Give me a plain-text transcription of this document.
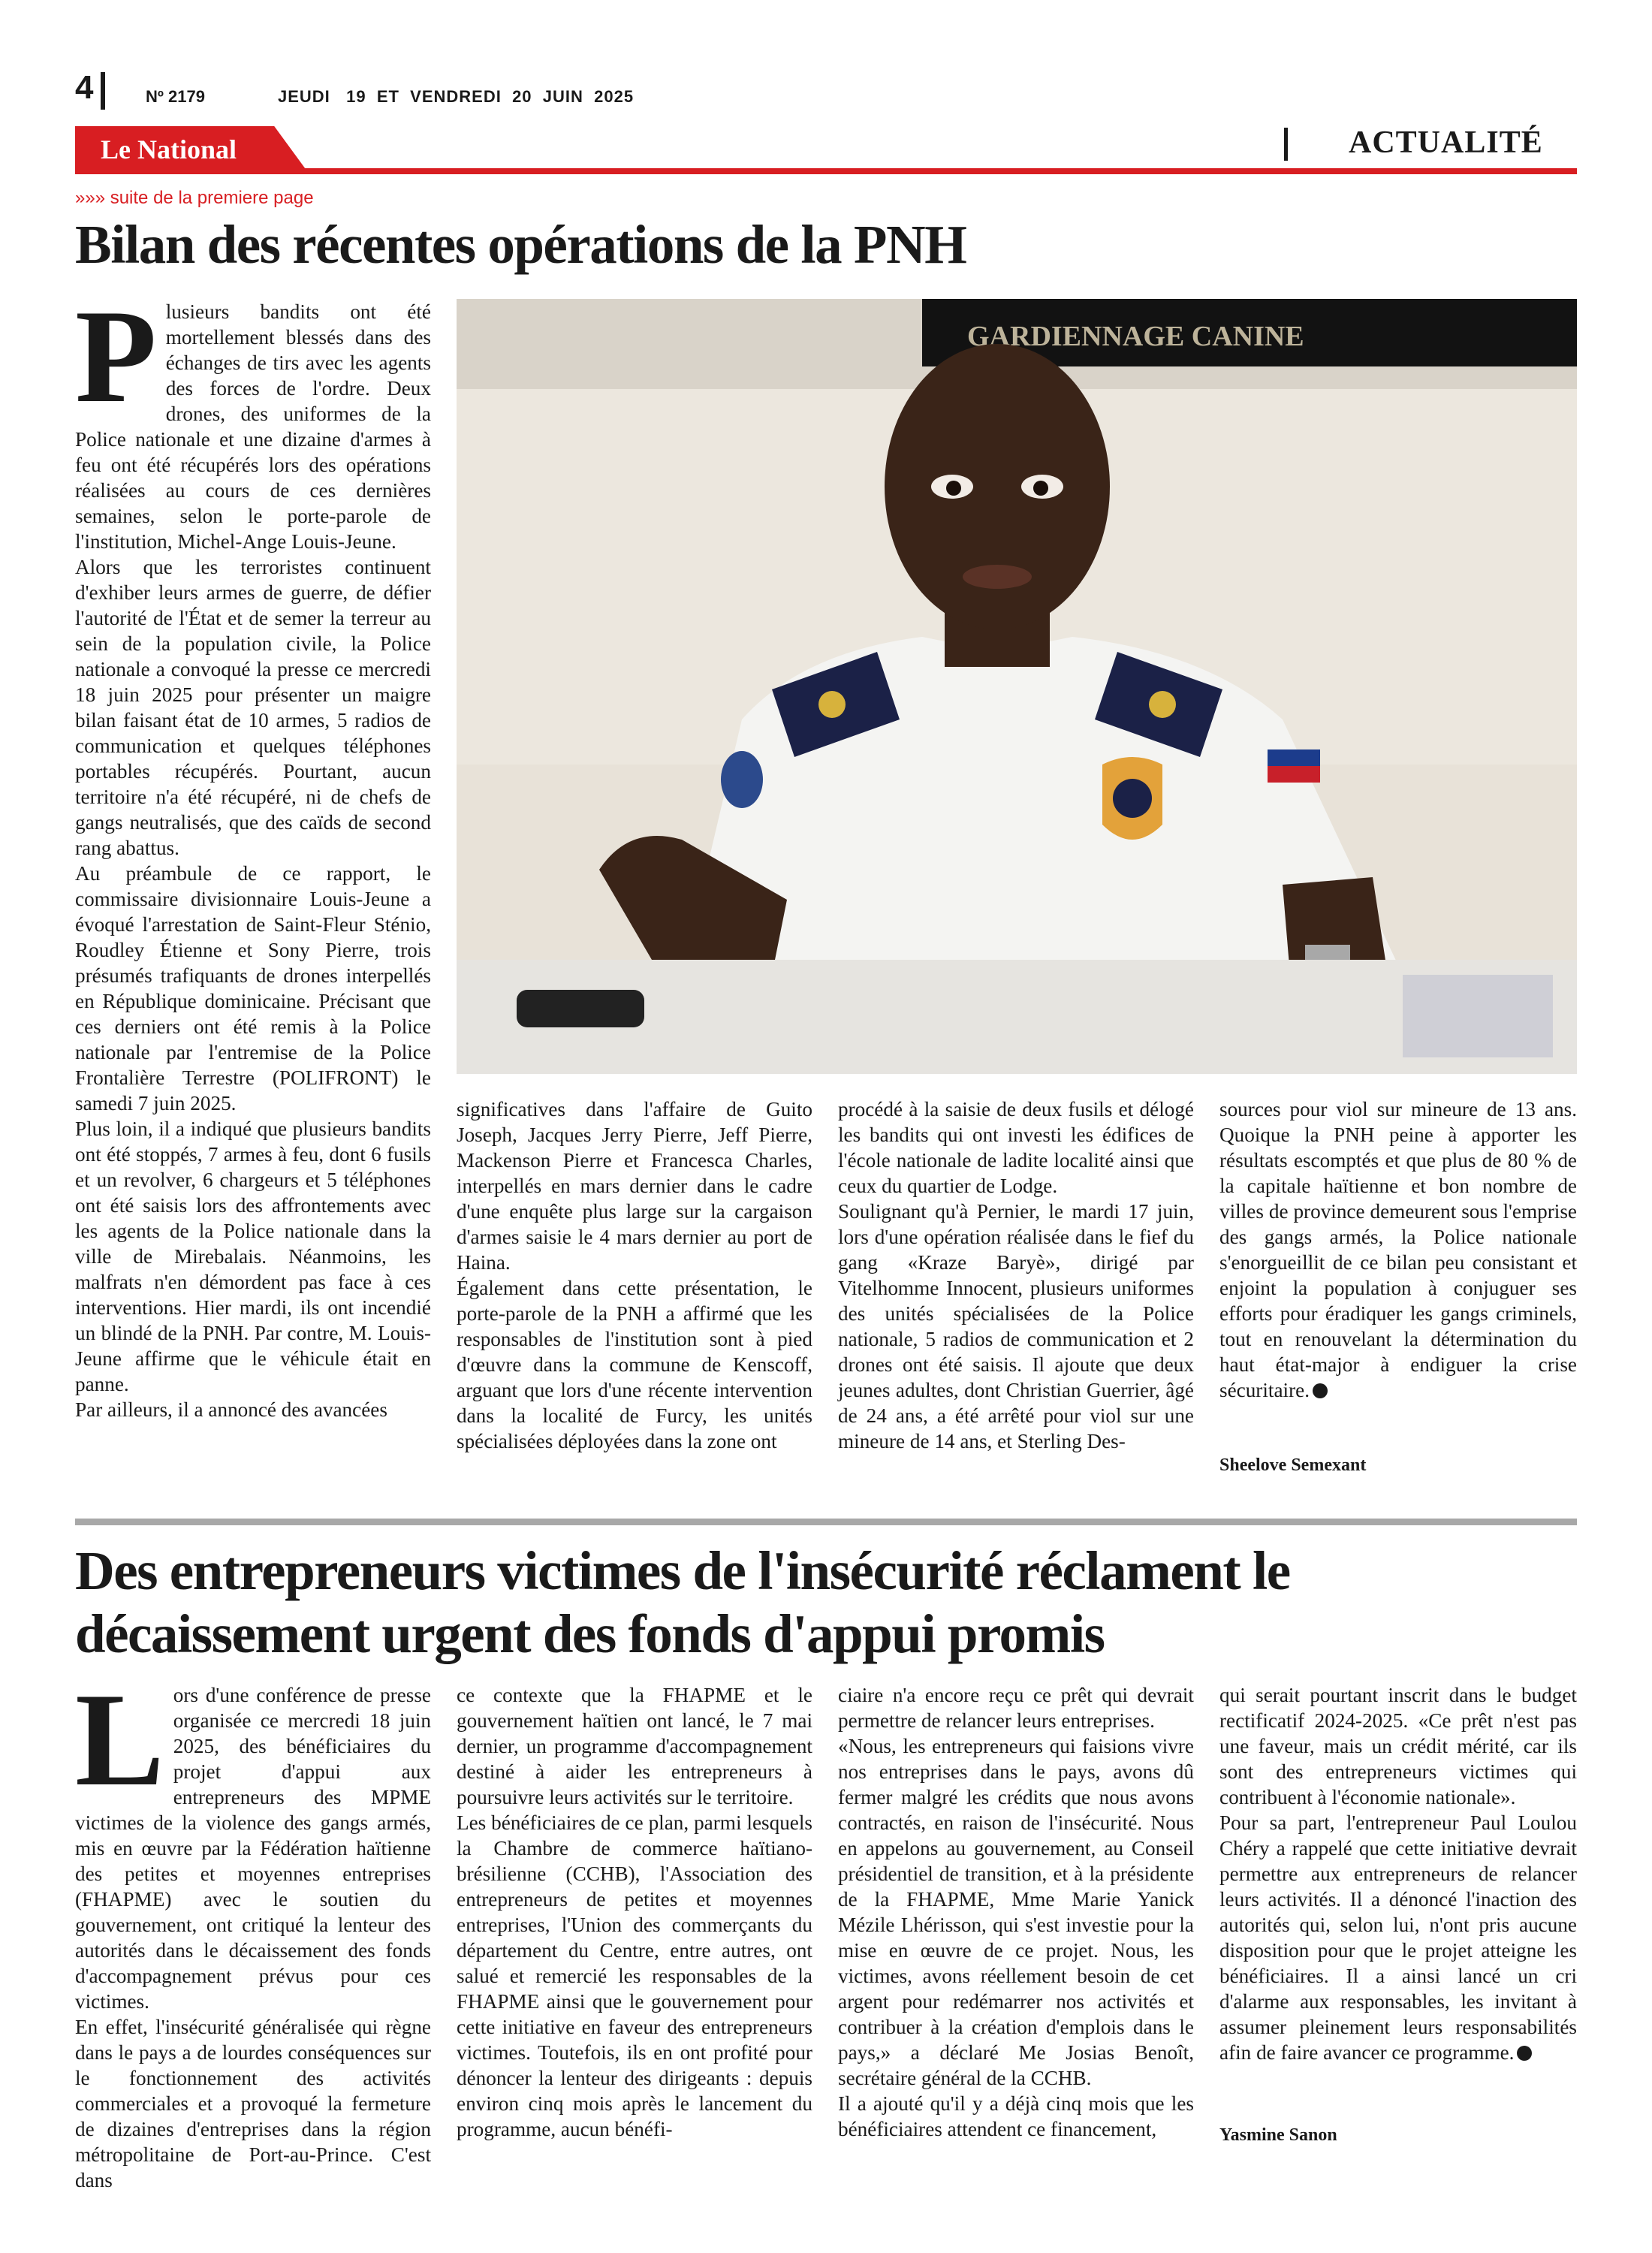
4	Nº 2179	JEUDI   19  ET  VENDREDI  20  JUIN  2025
Le National	ACTUALITÉ
»»» suite de la premiere page
Bilan des récentes opérations de la PNH
P lusieurs bandits ont été mortellement blessés dans des échanges de tirs avec les agents des forces de l'ordre. Deux drones, des uniformes de la Police nationale et une dizaine d'armes à feu ont été récupérés lors des opérations réalisées au cours de ces dernières semaines, selon le porte-parole de l'institution, Michel-Ange Louis-Jeune.

Alors que les terroristes continuent d'exhiber leurs armes de guerre, de défier l'autorité de l'État et de semer la terreur au sein de la population civile, la Police nationale a convoqué la presse ce mercredi 18 juin 2025 pour présenter un maigre bilan faisant état de 10 armes, 5 radios de communication et quelques téléphones portables récupérés. Pourtant, aucun territoire n'a été récupéré, ni de chefs de gangs neutralisés, que des caïds de second rang abattus.

Au préambule de ce rapport, le commissaire divisionnaire Louis-Jeune a évoqué l'arrestation de Saint-Fleur Sténio, Roudley Étienne et Sony Pierre, trois présumés trafiquants de drones interpellés en République dominicaine. Précisant que ces derniers ont été remis à la Police nationale par l'entremise de la Police Frontalière Terrestre (POLIFRONT) le samedi 7 juin 2025.

Plus loin, il a indiqué que plusieurs bandits ont été stoppés, 7 armes à feu, dont 6 fusils et un revolver, 6 chargeurs et 5 téléphones ont été saisis lors des affrontements avec les agents de la Police nationale dans la ville de Mirebalais. Néanmoins, les malfrats n'en démordent pas face à ces interventions. Hier mardi, ils ont incendié un blindé de la PNH. Par contre, M. Louis-Jeune affirme que le véhicule était en panne.

Par ailleurs, il a annoncé des avancées

GARDIENNAGE CANINE

significatives dans l'affaire de Guito Joseph, Jacques Jerry Pierre, Jeff Pierre, Mackenson Pierre et Francesca Charles, interpellés en mars dernier dans le cadre d'une enquête plus large sur la cargaison d'armes saisie le 4 mars dernier au port de Haina.

Également dans cette présentation, le porte-parole de la PNH a affirmé que les responsables de l'institution sont à pied d'œuvre dans la commune de Kenscoff, arguant que lors d'une récente intervention dans la localité de Furcy, les unités spécialisées déployées dans la zone ont

procédé à la saisie de deux fusils et délogé les bandits qui ont investi les édifices de l'école nationale de ladite localité ainsi que ceux du quartier de Lodge.

Soulignant qu'à Pernier, le mardi 17 juin, lors d'une opération réalisée dans le fief du gang «Kraze Baryè», dirigé par Vitelhomme Innocent, plusieurs uniformes des unités spécialisées de la Police nationale, 5 radios de communication et 2 drones ont été saisis. Il ajoute que deux jeunes adultes, dont Christian Guerrier, âgé de 24 ans, a été arrêté pour viol sur une mineure de 14 ans, et Sterling Des-

sources pour viol sur mineure de 13 ans. Quoique la PNH peine à apporter les résultats escomptés et que plus de 80 % de la capitale haïtienne et bon nombre de villes de province demeurent sous l'emprise des gangs armés, la Police nationale s'enorgueillit de ce bilan peu consistant et enjoint la population à conjuguer ses efforts pour éradiquer les gangs criminels, tout en renouvelant la détermination du haut état-major à endiguer la crise sécuritaire.

Sheelove Semexant
Des entrepreneurs victimes de l'insécurité réclament le décaissement urgent des fonds d'appui promis
L ors d'une conférence de presse organisée ce mercredi 18 juin 2025, des bénéficiaires du projet d'appui aux entrepreneurs des MPME victimes de la violence des gangs armés, mis en œuvre par la Fédération haïtienne des petites et moyennes entreprises (FHAPME) avec le soutien du gouvernement, ont critiqué la lenteur des autorités dans le décaissement des fonds d'accompagnement prévus pour ces victimes.

En effet, l'insécurité généralisée qui règne dans le pays a de lourdes conséquences sur le fonctionnement des activités commerciales et a provoqué la fermeture de dizaines d'entreprises dans la région métropolitaine de Port-au-Prince. C'est dans

ce contexte que la FHAPME et le gouvernement haïtien ont lancé, le 7 mai dernier, un programme d'accompagnement destiné à aider les entrepreneurs à poursuivre leurs activités sur le territoire.

Les bénéficiaires de ce plan, parmi lesquels la Chambre de commerce haïtiano-brésilienne (CCHB), l'Association des entrepreneurs de petites et moyennes entreprises, l'Union des commerçants du département du Centre, entre autres, ont salué et remercié les responsables de la FHAPME ainsi que le gouvernement pour cette initiative en faveur des entrepreneurs victimes. Toutefois, ils en ont profité pour dénoncer la lenteur des dirigeants : depuis environ cinq mois après le lancement du programme, aucun bénéfi-

ciaire n'a encore reçu ce prêt qui devrait permettre de relancer leurs entreprises.

«Nous, les entrepreneurs qui faisions vivre nos entreprises dans le pays, avons dû fermer malgré les crédits que nous avons contractés, en raison de l'insécurité. Nous en appelons au gouvernement, au Conseil présidentiel de transition, et à la présidente de la FHAPME, Mme Marie Yanick Mézile Lhérisson, qui s'est investie pour la mise en œuvre de ce projet. Nous, les victimes, avons réellement besoin de cet argent pour redémarrer nos activités et contribuer à la création d'emplois dans le pays,» a déclaré Me Josias Benoît, secrétaire général de la CCHB.

Il a ajouté qu'il y a déjà cinq mois que les bénéficiaires attendent ce financement,

qui serait pourtant inscrit dans le budget rectificatif 2024-2025. «Ce prêt n'est pas une faveur, mais un crédit mérité, car ils sont des entrepreneurs victimes qui contribuent à l'économie nationale».

Pour sa part, l'entrepreneur Paul Loulou Chéry a rappelé que cette initiative devrait permettre aux entrepreneurs de relancer leurs activités. Il a dénoncé l'inaction des autorités qui, selon lui, n'ont pris aucune disposition pour que le projet atteigne les bénéficiaires. Il a ainsi lancé un cri d'alarme aux responsables, les invitant à assumer pleinement leurs responsabilités afin de faire avancer ce programme.

Yasmine Sanon
